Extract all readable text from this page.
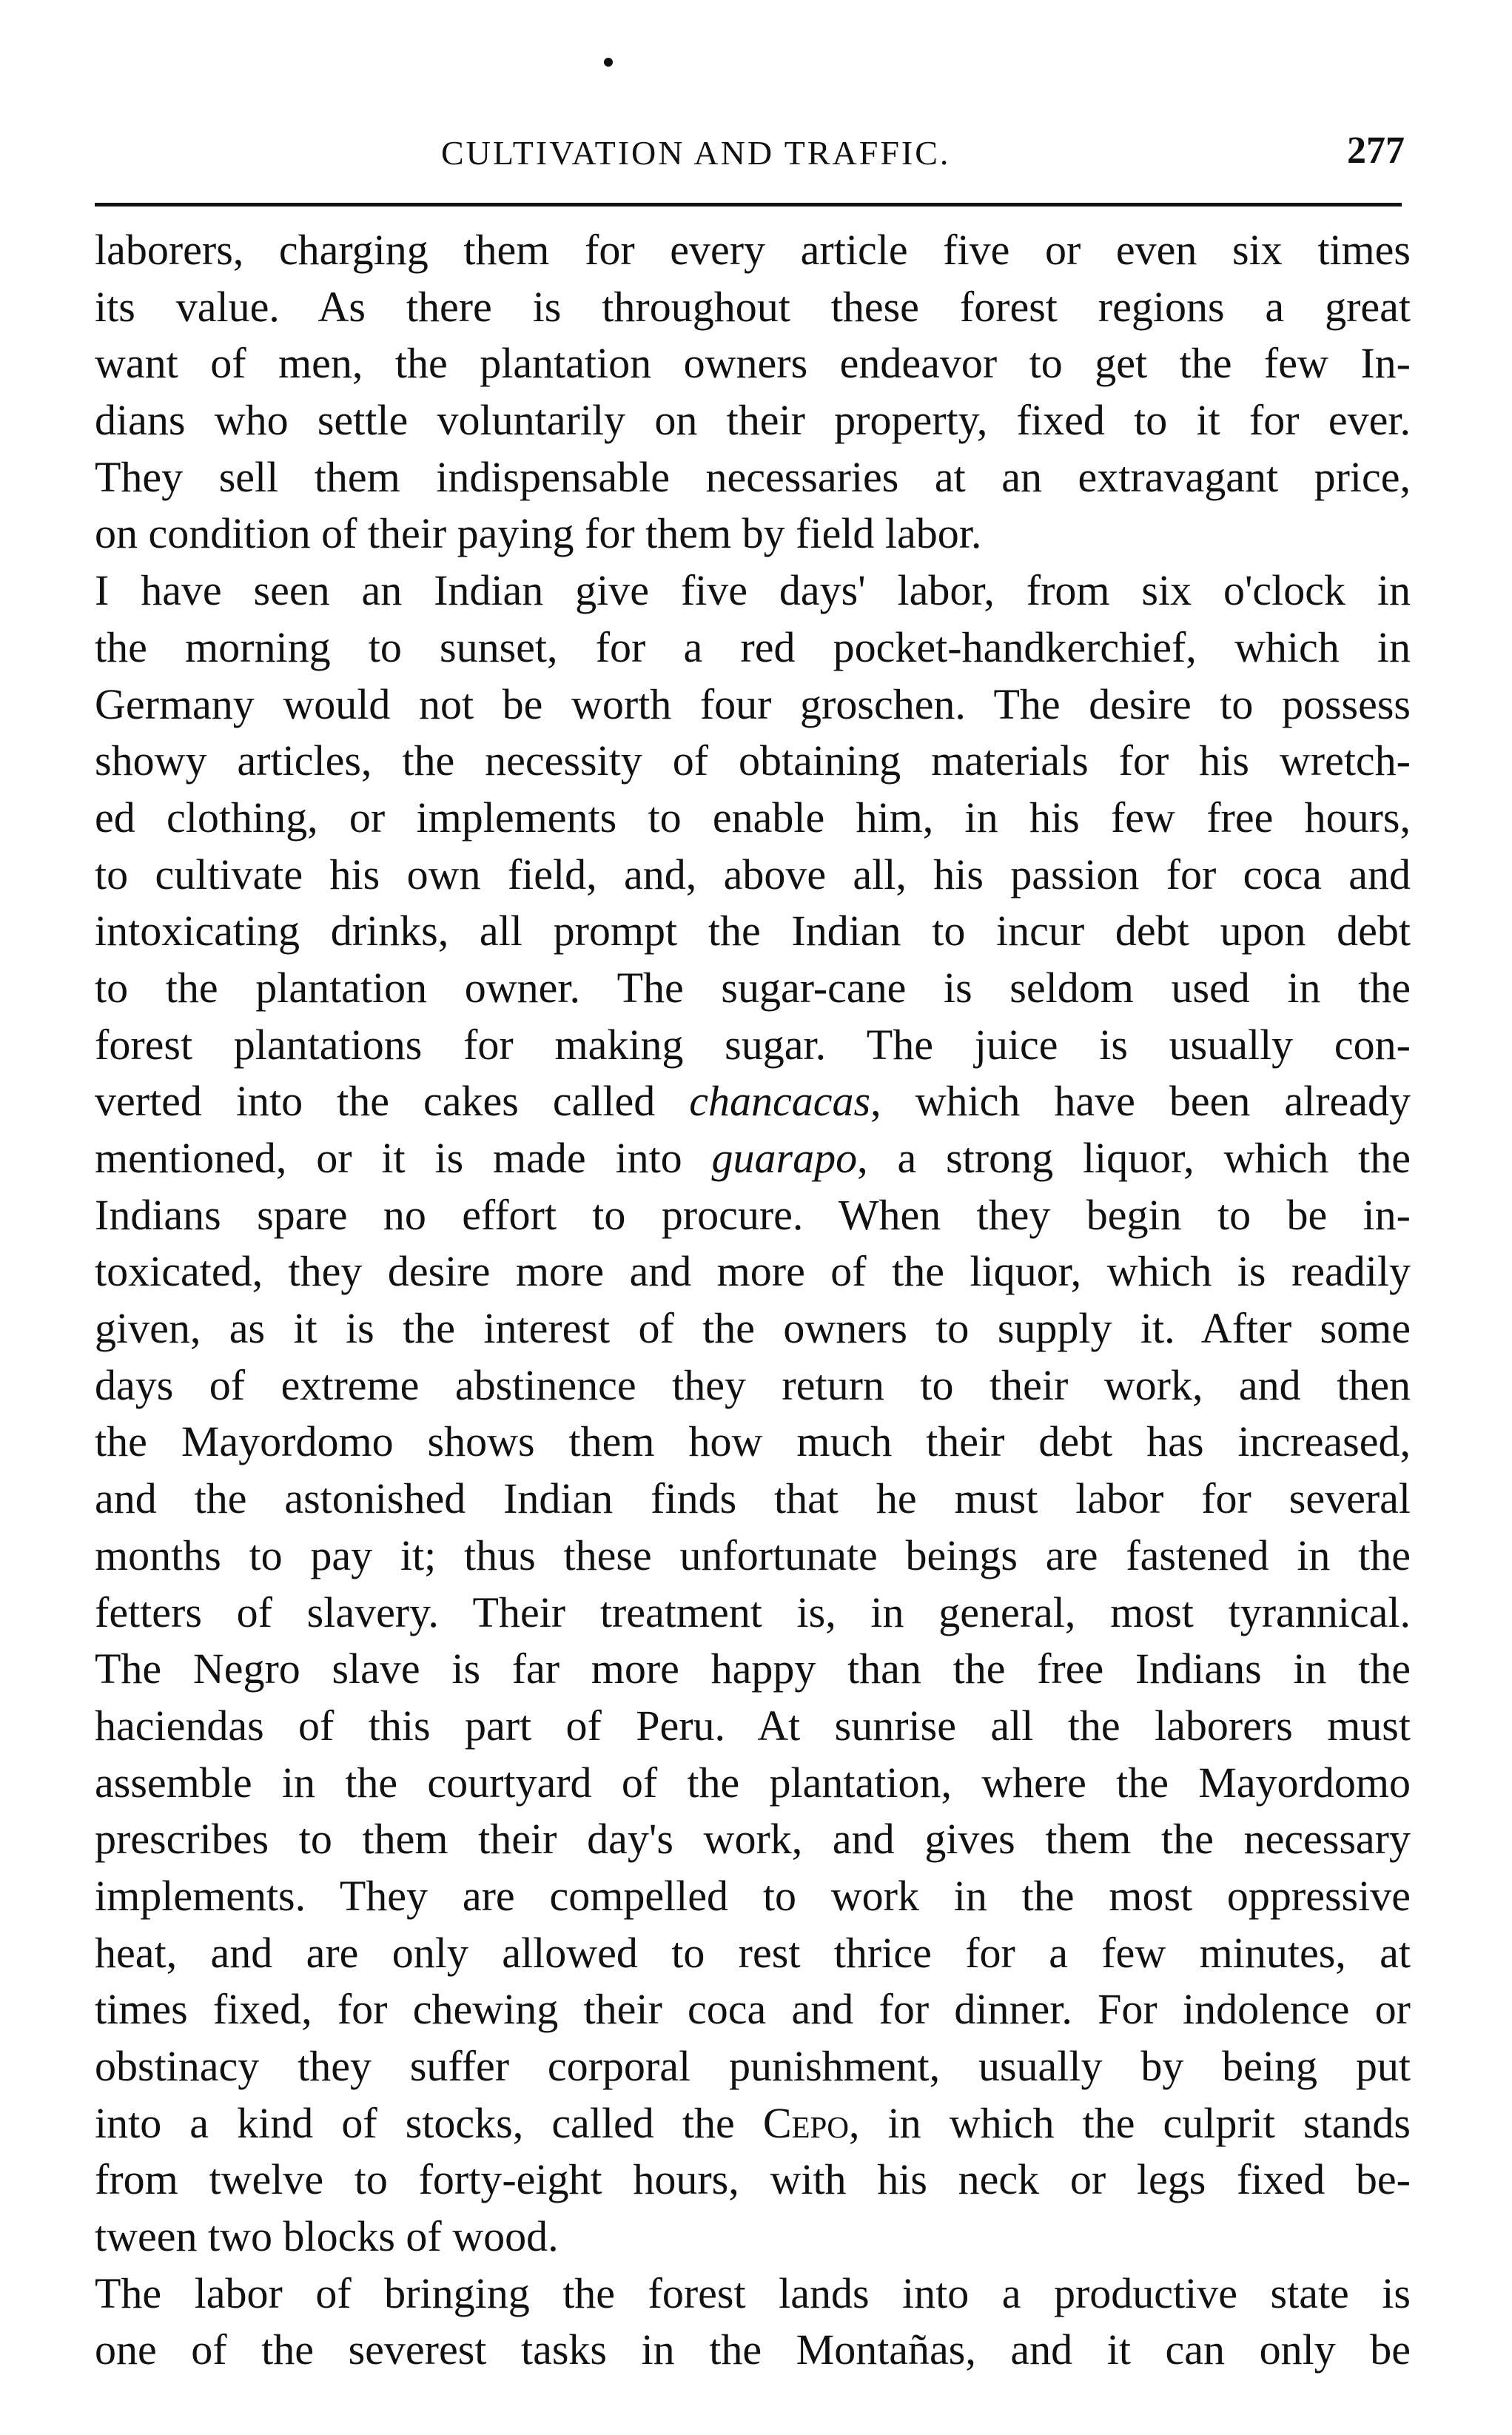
CULTIVATION AND TRAFFIC.	277
laborers, charging them for every article five or even six times
its value. As there is throughout these forest regions a great
want of men, the plantation owners endeavor to get the few In-
dians who settle voluntarily on their property, fixed to it for ever.
They sell them indispensable necessaries at an extravagant price,
on condition of their paying for them by field labor.
I have seen an Indian give five days' labor, from six o'clock in
the morning to sunset, for a red pocket-handkerchief, which in
Germany would not be worth four groschen. The desire to possess
showy articles, the necessity of obtaining materials for his wretch-
ed clothing, or implements to enable him, in his few free hours,
to cultivate his own field, and, above all, his passion for coca and
intoxicating drinks, all prompt the Indian to incur debt upon debt
to the plantation owner. The sugar-cane is seldom used in the
forest plantations for making sugar. The juice is usually con-
verted into the cakes called chancacas, which have been already
mentioned, or it is made into guarapo, a strong liquor, which the
Indians spare no effort to procure. When they begin to be in-
toxicated, they desire more and more of the liquor, which is readily
given, as it is the interest of the owners to supply it. After some
days of extreme abstinence they return to their work, and then
the Mayordomo shows them how much their debt has increased,
and the astonished Indian finds that he must labor for several
months to pay it; thus these unfortunate beings are fastened in the
fetters of slavery. Their treatment is, in general, most tyrannical.
The Negro slave is far more happy than the free Indians in the
haciendas of this part of Peru. At sunrise all the laborers must
assemble in the courtyard of the plantation, where the Mayordomo
prescribes to them their day's work, and gives them the necessary
implements. They are compelled to work in the most oppressive
heat, and are only allowed to rest thrice for a few minutes, at
times fixed, for chewing their coca and for dinner. For indolence or
obstinacy they suffer corporal punishment, usually by being put
into a kind of stocks, called the Cepo, in which the culprit stands
from twelve to forty-eight hours, with his neck or legs fixed be-
tween two blocks of wood.
The labor of bringing the forest lands into a productive state is
one of the severest tasks in the Montañas, and it can only be
